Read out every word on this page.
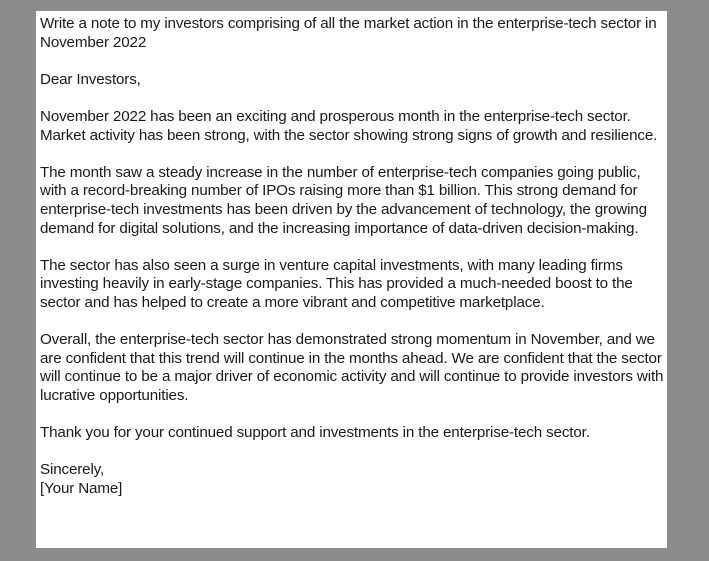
Write a note to my investors comprising of all the market action in the enterprise-tech sector in November 2022

Dear Investors,

November 2022 has been an exciting and prosperous month in the enterprise-tech sector. Market activity has been strong, with the sector showing strong signs of growth and resilience.

The month saw a steady increase in the number of enterprise-tech companies going public, with a record-breaking number of IPOs raising more than $1 billion. This strong demand for enterprise-tech investments has been driven by the advancement of technology, the growing demand for digital solutions, and the increasing importance of data-driven decision-making.

The sector has also seen a surge in venture capital investments, with many leading firms investing heavily in early-stage companies. This has provided a much-needed boost to the sector and has helped to create a more vibrant and competitive marketplace.

Overall, the enterprise-tech sector has demonstrated strong momentum in November, and we are confident that this trend will continue in the months ahead. We are confident that the sector will continue to be a major driver of economic activity and will continue to provide investors with lucrative opportunities.

Thank you for your continued support and investments in the enterprise-tech sector.

Sincerely,

[Your Name]
